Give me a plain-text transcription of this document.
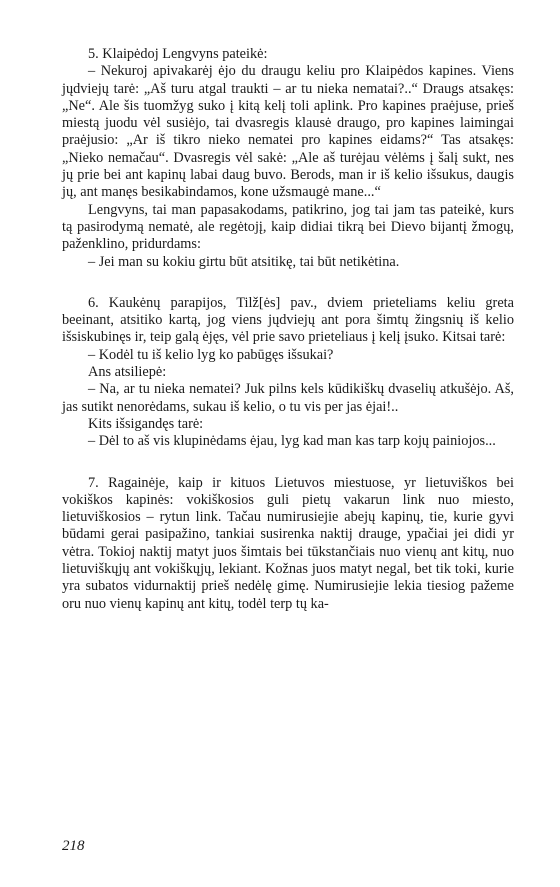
5. Klaipėdoj Lengvyns pateikė:

– Nekuroj apivakarėj ėjo du draugu keliu pro Klaipėdos kapines. Viens jųdviejų tarė: „Aš turu atgal traukti – ar tu nieka nematai?..“ Draugs atsakęs: „Ne“. Ale šis tuomžyg suko į kitą kelį toli aplink. Pro kapines praėjuse, prieš miestą juodu vėl susiėjo, tai dvasregis klausė draugo, pro kapines laimingai praėjusio: „Ar iš tikro nieko nematei pro kapines eidams?“ Tas atsakęs: „Nieko nemačau“. Dvasregis vėl sakė: „Ale aš turėjau vėlėms į šalį sukt, nes jų prie bei ant kapinų labai daug buvo. Berods, man ir iš kelio išsukus, daugis jų, ant manęs besikabindamos, kone užsmaugė mane...“

Lengvyns, tai man papasakodams, patikrino, jog tai jam tas pateikė, kurs tą pasirodymą nematė, ale regėtojį, kaip didiai tikrą bei Dievo bijantį žmogų, paženklino, pridurdams:

– Jei man su kokiu girtu būt atsitikę, tai būt netikėtina.

6. Kaukėnų parapijos, Tilž[ės] pav., dviem prieteliams keliu greta beeinant, atsitiko kartą, jog viens jųdviejų ant pora šimtų žingsnių iš kelio išsiskubinęs ir, teip galą ėjęs, vėl prie savo prieteliaus į kelį įsuko. Kitsai tarė:

– Kodėl tu iš kelio lyg ko pabūgęs išsukai?

Ans atsiliepė:

– Na, ar tu nieka nematei? Juk pilns kels kūdikiškų dvaselių atkušėjo. Aš, jas sutikt nenorėdams, sukau iš kelio, o tu vis per jas ėjai!..

Kits išsigandęs tarė:

– Dėl to aš vis klupinėdams ėjau, lyg kad man kas tarp kojų painiojos...

7. Ragainėje, kaip ir kituos Lietuvos miestuose, yr lietuviškos bei vokiškos kapinės: vokiškosios guli pietų vakarun link nuo miesto, lietuviškosios – rytun link. Tačau numirusiejie abejų kapinų, tie, kurie gyvi būdami gerai pasipažino, tankiai susirenka naktij drauge, ypačiai jei didi yr vėtra. Tokioj naktij matyt juos šimtais bei tūkstančiais nuo vienų ant kitų, nuo lietuviškųjų ant vokiškųjų, lekiant. Kožnas juos matyt negal, bet tik toki, kurie yra subatos vidurnaktij prieš nedėlę gimę. Numirusiejie lekia tiesiog pažeme oru nuo vienų kapinų ant kitų, todėl terp tų ka-

218
